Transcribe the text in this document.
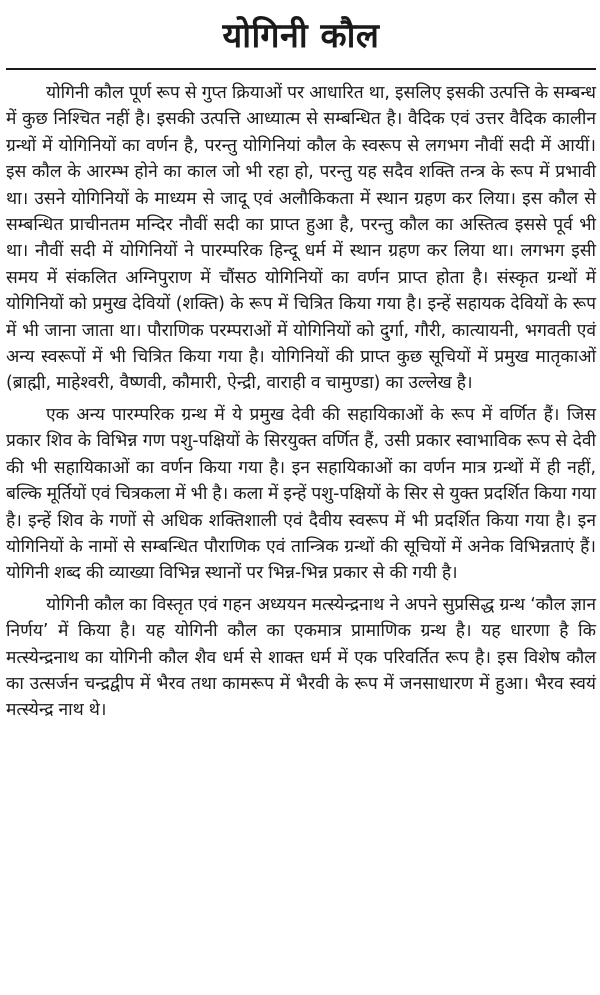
योगिनी कौल

योगिनी कौल पूर्ण रूप से गुप्त क्रियाओं पर आधारित था, इसलिए इसकी उत्पत्ति के सम्बन्ध में कुछ निश्चित नहीं है। इसकी उत्पत्ति आध्यात्म से सम्बन्धित है। वैदिक एवं उत्तर वैदिक कालीन ग्रन्थों में योगिनियों का वर्णन है, परन्तु योगिनियां कौल के स्वरूप से लगभग नौवीं सदी में आयीं। इस कौल के आरम्भ होने का काल जो भी रहा हो, परन्तु यह सदैव शक्ति तन्त्र के रूप में प्रभावी था। उसने योगिनियों के माध्यम से जादू एवं अलौकिकता में स्थान ग्रहण कर लिया। इस कौल से सम्बन्धित प्राचीनतम मन्दिर नौवीं सदी का प्राप्त हुआ है, परन्तु कौल का अस्तित्व इससे पूर्व भी था। नौवीं सदी में योगिनियों ने पारम्परिक हिन्दू धर्म में स्थान ग्रहण कर लिया था। लगभग इसी समय में संकलित अग्निपुराण में चौंसठ योगिनियों का वर्णन प्राप्त होता है। संस्कृत ग्रन्थों में योगिनियों को प्रमुख देवियों (शक्ति) के रूप में चित्रित किया गया है। इन्हें सहायक देवियों के रूप में भी जाना जाता था। पौराणिक परम्पराओं में योगिनियों को दुर्गा, गौरी, कात्यायनी, भगवती एवं अन्य स्वरूपों में भी चित्रित किया गया है। योगिनियों की प्राप्त कुछ सूचियों में प्रमुख मातृकाओं (ब्राह्मी, माहेश्वरी, वैष्णवी, कौमारी, ऐन्द्री, वाराही व चामुण्डा) का उल्लेख है।

एक अन्य पारम्परिक ग्रन्थ में ये प्रमुख देवी की सहायिकाओं के रूप में वर्णित हैं। जिस प्रकार शिव के विभिन्न गण पशु-पक्षियों के सिरयुक्त वर्णित हैं, उसी प्रकार स्वाभाविक रूप से देवी की भी सहायिकाओं का वर्णन किया गया है। इन सहायिकाओं का वर्णन मात्र ग्रन्थों में ही नहीं, बल्कि मूर्तियों एवं चित्रकला में भी है। कला में इन्हें पशु-पक्षियों के सिर से युक्त प्रदर्शित किया गया है। इन्हें शिव के गणों से अधिक शक्तिशाली एवं दैवीय स्वरूप में भी प्रदर्शित किया गया है। इन योगिनियों के नामों से सम्बन्धित पौराणिक एवं तान्त्रिक ग्रन्थों की सूचियों में अनेक विभिन्नताएं हैं। योगिनी शब्द की व्याख्या विभिन्न स्थानों पर भिन्न-भिन्न प्रकार से की गयी है।

योगिनी कौल का विस्तृत एवं गहन अध्ययन मत्स्येन्द्रनाथ ने अपने सुप्रसिद्ध ग्रन्थ ‘कौल ज्ञान निर्णय’ में किया है। यह योगिनी कौल का एकमात्र प्रामाणिक ग्रन्थ है। यह धारणा है कि मत्स्येन्द्रनाथ का योगिनी कौल शैव धर्म से शाक्त धर्म में एक परिवर्तित रूप है। इस विशेष कौल का उत्सर्जन चन्द्रद्वीप में भैरव तथा कामरूप में भैरवी के रूप में जनसाधारण में हुआ। भैरव स्वयं मत्स्येन्द्र नाथ थे।
